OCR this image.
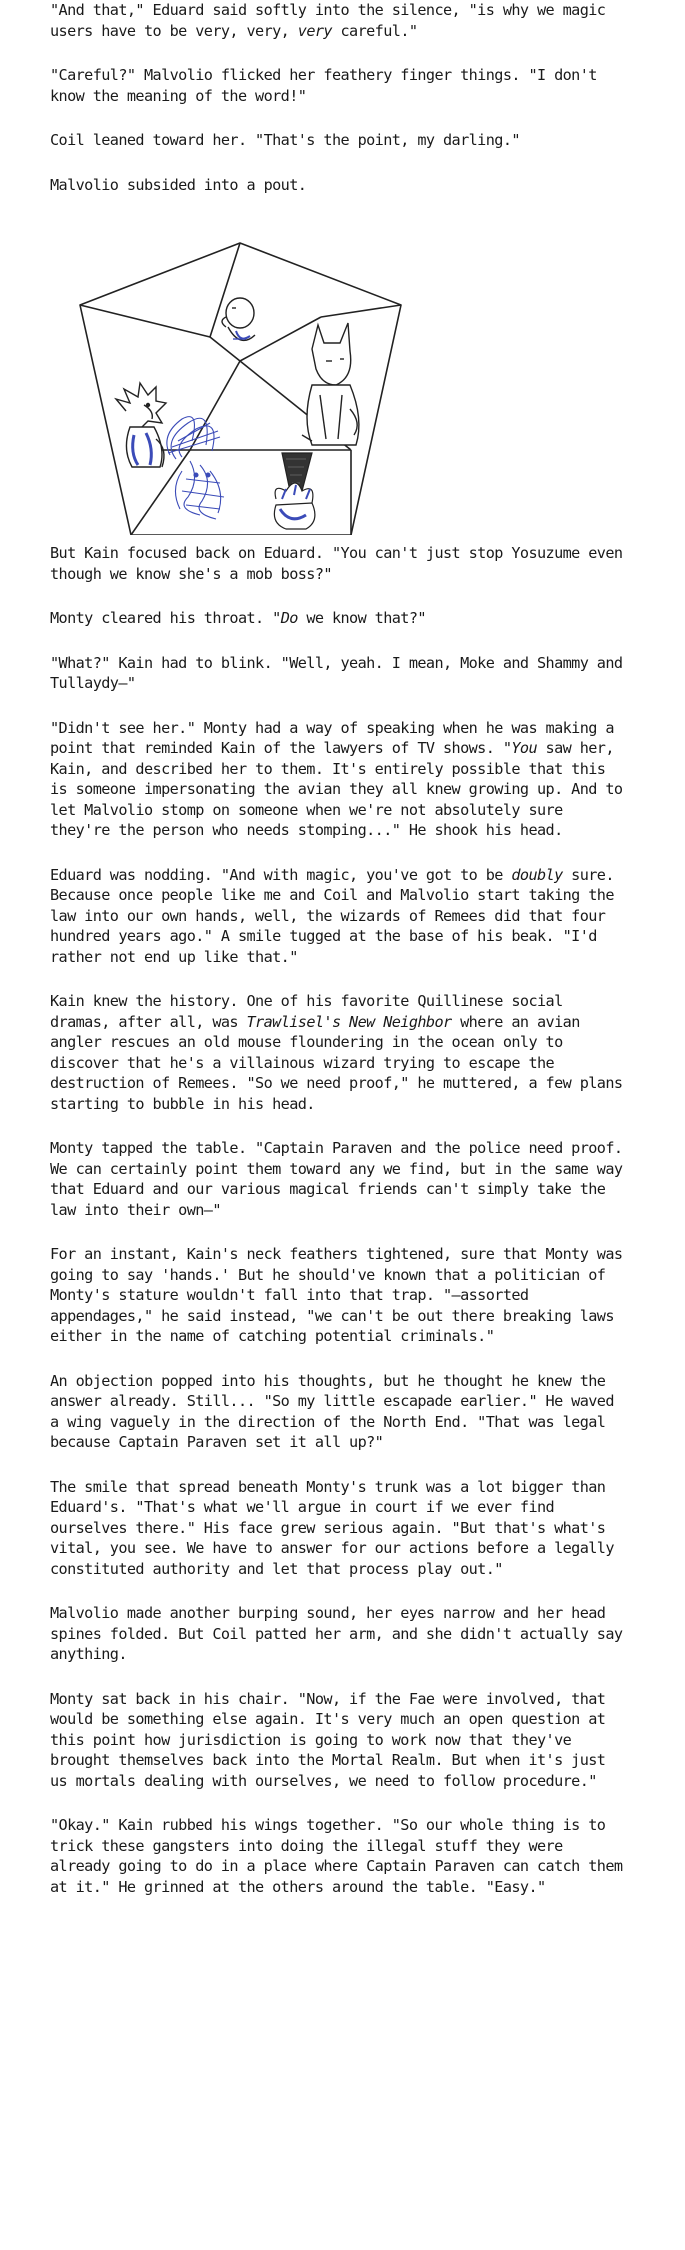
"And that," Eduard said softly into the silence, "is why we magic users have to be very, very, very careful."

"Careful?" Malvolio flicked her feathery finger things. "I don't know the meaning of the word!"

Coil leaned toward her. "That's the point, my darling."

Malvolio subsided into a pout.

But Kain focused back on Eduard. "You can't just stop Yosuzume even though we know she's a mob boss?"

Monty cleared his throat. "Do we know that?"

"What?" Kain had to blink. "Well, yeah. I mean, Moke and Shammy and Tullaydy—"

"Didn't see her." Monty had a way of speaking when he was making a point that reminded Kain of the lawyers of TV shows. "You saw her, Kain, and described her to them. It's entirely possible that this is someone impersonating the avian they all knew growing up. And to let Malvolio stomp on someone when we're not absolutely sure they're the person who needs stomping..." He shook his head.

Eduard was nodding. "And with magic, you've got to be doubly sure. Because once people like me and Coil and Malvolio start taking the law into our own hands, well, the wizards of Remees did that four hundred years ago." A smile tugged at the base of his beak. "I'd rather not end up like that."

Kain knew the history. One of his favorite Quillinese social dramas, after all, was Trawlisel's New Neighbor where an avian angler rescues an old mouse floundering in the ocean only to discover that he's a villainous wizard trying to escape the destruction of Remees. "So we need proof," he muttered, a few plans starting to bubble in his head.

Monty tapped the table. "Captain Paraven and the police need proof. We can certainly point them toward any we find, but in the same way that Eduard and our various magical friends can't simply take the law into their own—"

For an instant, Kain's neck feathers tightened, sure that Monty was going to say 'hands.' But he should've known that a politician of Monty's stature wouldn't fall into that trap. "—assorted appendages," he said instead, "we can't be out there breaking laws either in the name of catching potential criminals."

An objection popped into his thoughts, but he thought he knew the answer already. Still... "So my little escapade earlier." He waved a wing vaguely in the direction of the North End. "That was legal because Captain Paraven set it all up?"

The smile that spread beneath Monty's trunk was a lot bigger than Eduard's. "That's what we'll argue in court if we ever find ourselves there." His face grew serious again. "But that's what's vital, you see. We have to answer for our actions before a legally constituted authority and let that process play out."

Malvolio made another burping sound, her eyes narrow and her head spines folded. But Coil patted her arm, and she didn't actually say anything.

Monty sat back in his chair. "Now, if the Fae were involved, that would be something else again. It's very much an open question at this point how jurisdiction is going to work now that they've brought themselves back into the Mortal Realm. But when it's just us mortals dealing with ourselves, we need to follow procedure."

"Okay." Kain rubbed his wings together. "So our whole thing is to trick these gangsters into doing the illegal stuff they were already going to do in a place where Captain Paraven can catch them at it." He grinned at the others around the table. "Easy."
